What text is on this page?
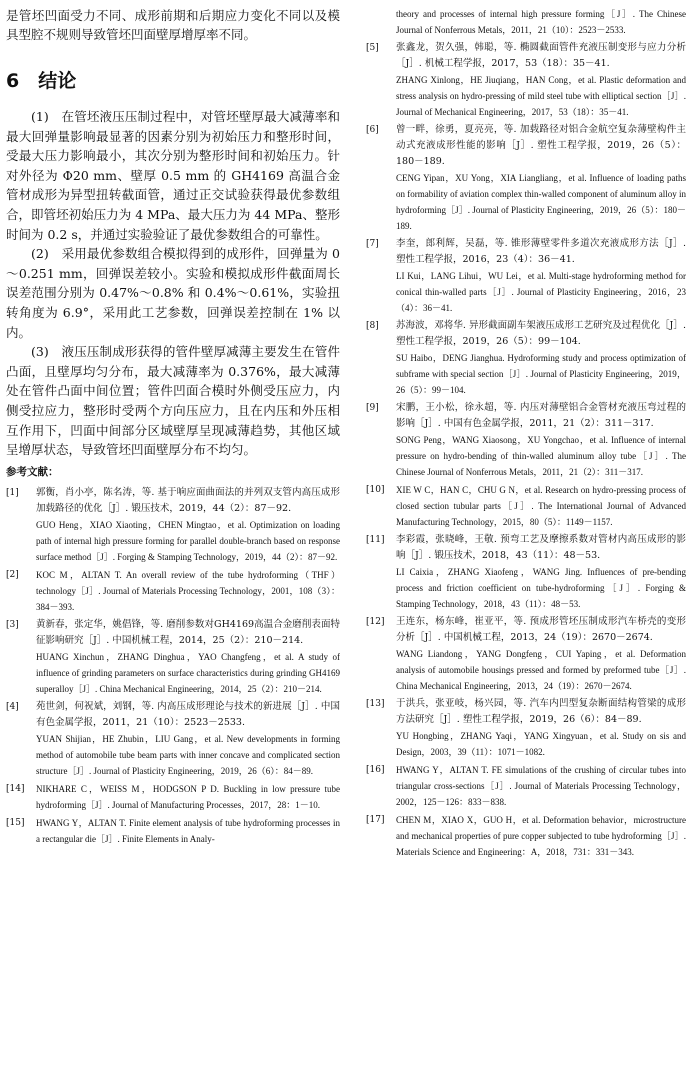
是管坯凹面受力不同、成形前期和后期应力变化不同以及模具型腔不规则导致管坯凹面壁厚增厚率不同。

6　结论

(1)　在管坯液压压制过程中，对管坯壁厚最大减薄率和最大回弹量影响最显著的因素分别为初始压力和整形时间，受最大压力影响最小，其次分别为整形时间和初始压力。针对外径为 Φ20 mm、壁厚 0.5 mm 的 GH4169 高温合金管材成形为异型扭转截面管，通过正交试验获得最优参数组合，即管坯初始压力为 4 MPa、最大压力为 44 MPa、整形时间为 0.2 s，并通过实验验证了最优参数组合的可靠性。

(2)　采用最优参数组合模拟得到的成形件，回弹量为 0～0.251 mm，回弹误差较小。实验和模拟成形件截面周长误差范围分别为 0.47%～0.8% 和 0.4%～0.61%，实验扭转角度为 6.9°，采用此工艺参数，回弹误差控制在 1% 以内。

(3)　液压压制成形获得的管件壁厚减薄主要发生在管件凸面，且壁厚均匀分布，最大减薄率为 0.376%，最大减薄处在管件凸面中间位置；管件凹面合模时外侧受压应力，内侧受拉应力，整形时受两个方向压应力，且在内压和外压相互作用下，凹面中间部分区域壁厚呈现减薄趋势，其他区域呈增厚状态，导致管坯凹面壁厚分布不均匀。

参考文献：
[1]	郭衡，肖小亭，陈名涛，等. 基于响应面曲面法的并列双支管内高压成形加载路径的优化［J］. 锻压技术，2019，44（2）：87－92.

GUO Heng，XIAO Xiaoting，CHEN Mingtao，et al. Optimization on loading path of internal high pressure forming for parallel double-branch based on response surface method［J］. Forging & Stamping Technology，2019，44（2）：87－92.

[2]	KOC M，ALTAN T. An overall review of the tube hydroforming（THF）technology［J］. Journal of Materials Processing Technology，2001，108（3）：384－393.

[3]	黄新春，张定华，姚倡锋，等. 磨削参数对GH4169高温合金磨削表面特征影响研究［J］. 中国机械工程，2014，25（2）：210－214.

HUANG Xinchun，ZHANG Dinghua，YAO Changfeng，et al. A study of influence of grinding parameters on surface characteristics during grinding GH4169 superalloy［J］. China Mechanical Engineering，2014，25（2）：210－214.

[4]	苑世剑，何祝斌，刘钢，等. 内高压成形理论与技术的新进展［J］. 中国有色金属学报，2011，21（10）：2523－2533.

YUAN Shijian，HE Zhubin，LIU Gang，et al. New developments in forming method of automobile tube beam parts with inner concave and complicated section structure［J］. Journal of Plasticity Engineering，2019，26（6）：84－89.

[14]	NIKHARE C，WEISS M，HODGSON P D. Buckling in low pressure tube hydroforming［J］. Journal of Manufacturing Processes，2017，28：1－10.

[15]	HWANG Y，ALTAN T. Finite element analysis of tube hydroforming processes in a rectangular die［J］. Finite Elements in Analy-

theory and processes of internal high pressure forming［J］. The Chinese Journal of Nonferrous Metals，2011，21（10）：2523－2533.

[5]	张鑫龙，贺久强，韩聪，等. 椭圆截面管件充液压制变形与应力分析［J］. 机械工程学报，2017，53（18）：35－41.

ZHANG Xinlong，HE Jiuqiang，HAN Cong，et al. Plastic deformation and stress analysis on hydro-pressing of mild steel tube with elliptical section［J］. Journal of Mechanical Engineering，2017，53（18）：35－41.

[6]	曾一畔，徐勇，夏亮亮，等. 加载路径对铝合金航空复杂薄壁构件主动式充液成形性能的影响［J］. 塑性工程学报，2019，26（5）：180－189.

CENG Yipan，XU Yong，XIA Liangliang，et al. Influence of loading paths on formability of aviation complex thin-walled component of aluminum alloy in hydroforming［J］. Journal of Plasticity Engineering，2019，26（5）：180－189.

[7]	李奎，郎利辉，吴磊，等. 锥形薄壁零件多道次充液成形方法［J］. 塑性工程学报，2016，23（4）：36－41.

LI Kui，LANG Lihui，WU Lei，et al. Multi-stage hydroforming method for conical thin-walled parts［J］. Journal of Plasticity Engineering，2016，23（4）：36－41.

[8]	苏海波，邓将华. 异形截面副车架液压成形工艺研究及过程优化［J］. 塑性工程学报，2019，26（5）：99－104.

SU Haibo，DENG Jianghua. Hydroforming study and process optimization of subframe with special section［J］. Journal of Plasticity Engineering，2019，26（5）：99－104.

[9]	宋鹏，王小松，徐永超，等. 内压对薄壁铝合金管材充液压弯过程的影响［J］. 中国有色金属学报，2011，21（2）：311－317.

SONG Peng，WANG Xiaosong，XU Yongchao，et al. Influence of internal pressure on hydro-bending of thin-walled aluminum alloy tube［J］. The Chinese Journal of Nonferrous Metals，2011，21（2）：311－317.

[10]	XIE W C，HAN C，CHU G N，et al. Research on hydro-pressing process of closed section tubular parts［J］. The International Journal of Advanced Manufacturing Technology，2015，80（5）：1149－1157.

[11]	李彩霞，张晓峰，王敬. 预弯工艺及摩擦系数对管材内高压成形的影响［J］. 锻压技术，2018，43（11）：48－53.

LI Caixia，ZHANG Xiaofeng，WANG Jing. Influences of pre-bending process and friction coefficient on tube-hydroforming［J］. Forging & Stamping Technology，2018，43（11）：48－53.

[12]	王连东，杨东峰，崔亚平，等. 预成形管坯压制成形汽车桥壳的变形分析［J］. 中国机械工程，2013，24（19）：2670－2674.

WANG Liandong，YANG Dongfeng，CUI Yaping，et al. Deformation analysis of automobile housings pressed and formed by preformed tube［J］. China Mechanical Engineering，2013，24（19）：2670－2674.

[13]	于洪兵，张亚岐，杨兴园，等. 汽车内凹型复杂断面结构管梁的成形方法研究［J］. 塑性工程学报，2019，26（6）：84－89.

YU Hongbing，ZHANG Yaqi，YANG Xingyuan，et al. Study on sis and Design，2003，39（11）：1071－1082.

[16]	HWANG Y，ALTAN T. FE simulations of the crushing of circular tubes into triangular cross-sections［J］. Journal of Materials Processing Technology，2002，125－126：833－838.

[17]	CHEN M，XIAO X，GUO H，et al. Deformation behavior，microstructure and mechanical properties of pure copper subjected to tube hydroforming［J］. Materials Science and Engineering：A，2018，731：331－343.
